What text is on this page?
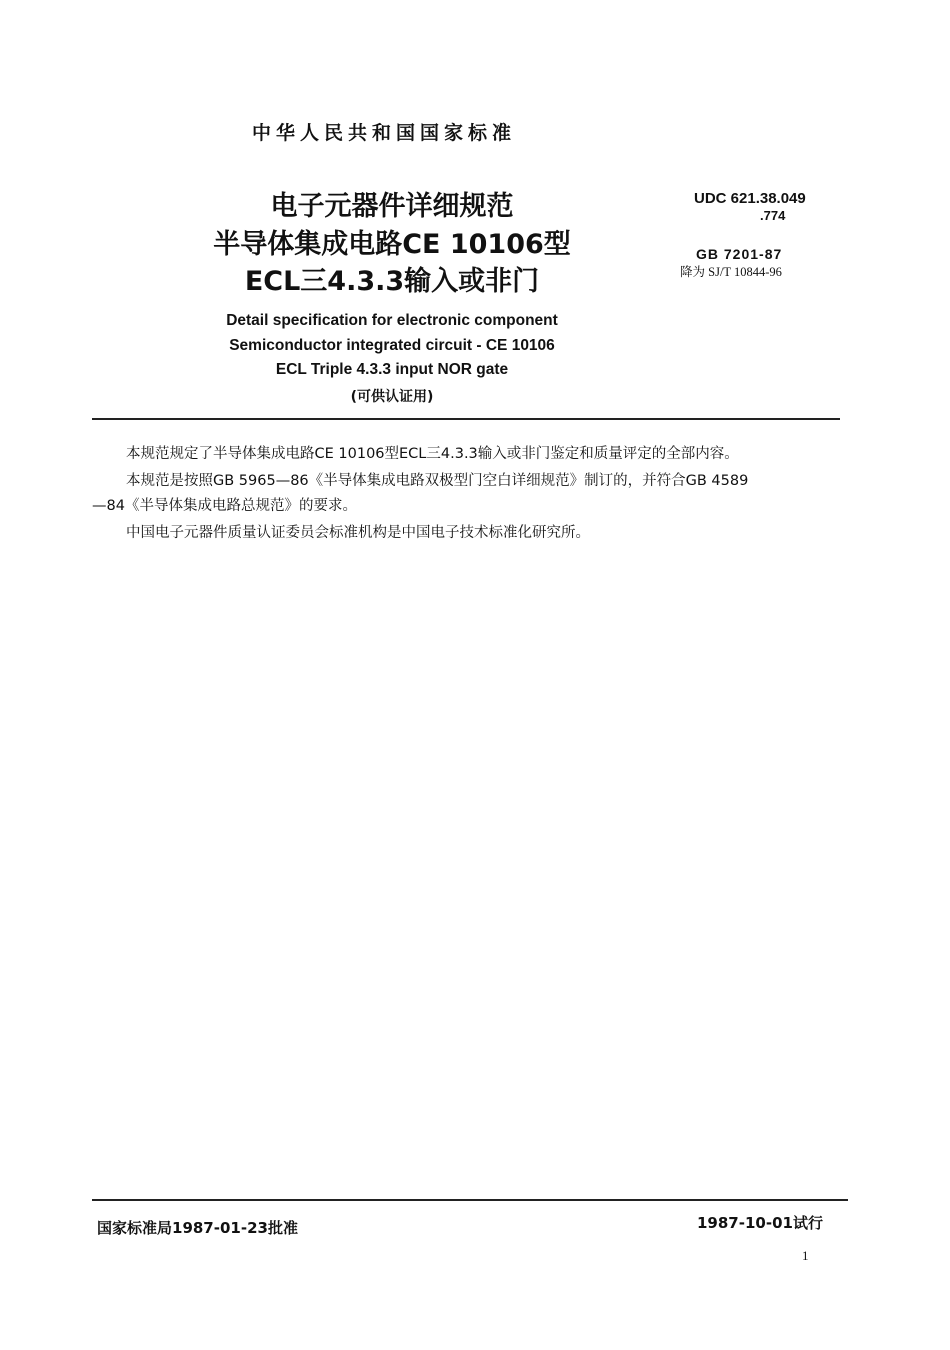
中华人民共和国国家标准
电子元器件详细规范
半导体集成电路CE 10106型
ECL三4.3.3输入或非门
Detail specification for electronic component
Semiconductor integrated circuit - CE 10106
ECL Triple 4.3.3 input NOR gate
(可供认证用)
UDC 621.38.049
.774
GB 7201-87
降为 SJ/T 10844-96
本规范规定了半导体集成电路CE 10106型ECL三4.3.3输入或非门鉴定和质量评定的全部内容。
本规范是按照GB 5965—86《半导体集成电路双极型门空白详细规范》制订的，并符合GB 4589
—84《半导体集成电路总规范》的要求。
中国电子元器件质量认证委员会标准机构是中国电子技术标准化研究所。
国家标准局1987-01-23批准	1987-10-01试行
1
